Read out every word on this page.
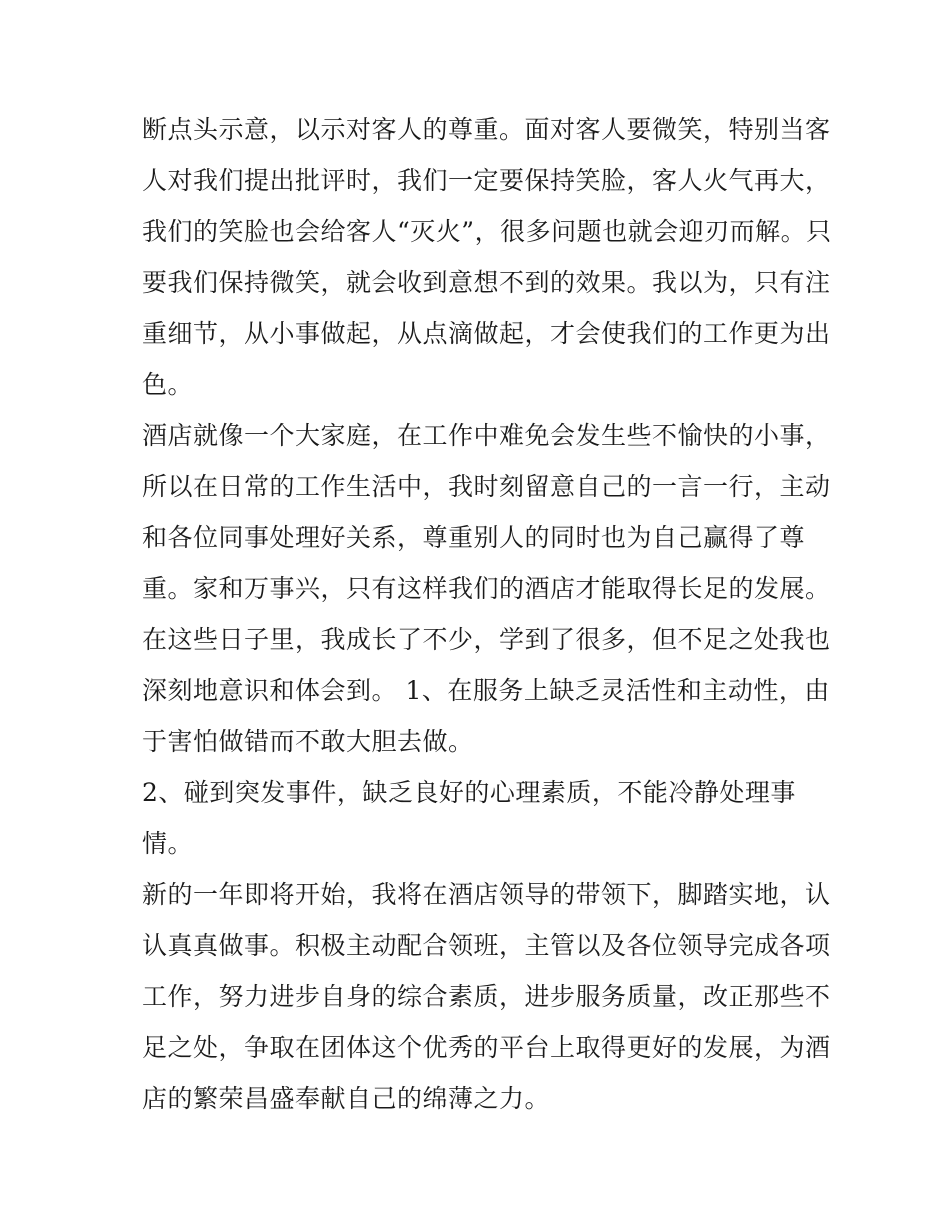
断点头示意，以示对客人的尊重。面对客人要微笑，特别当客
人对我们提出批评时，我们一定要保持笑脸，客人火气再大，
我们的笑脸也会给客人“灭火”，很多问题也就会迎刃而解。只
要我们保持微笑，就会收到意想不到的效果。我以为，只有注
重细节，从小事做起，从点滴做起，才会使我们的工作更为出
色。
酒店就像一个大家庭，在工作中难免会发生些不愉快的小事，
所以在日常的工作生活中，我时刻留意自己的一言一行，主动
和各位同事处理好关系，尊重别人的同时也为自己赢得了尊
重。家和万事兴，只有这样我们的酒店才能取得长足的发展。
在这些日子里，我成长了不少，学到了很多，但不足之处我也
深刻地意识和体会到。 1、在服务上缺乏灵活性和主动性，由
于害怕做错而不敢大胆去做。
2、碰到突发事件，缺乏良好的心理素质，不能冷静处理事
情。
新的一年即将开始，我将在酒店领导的带领下，脚踏实地，认
认真真做事。积极主动配合领班，主管以及各位领导完成各项
工作，努力进步自身的综合素质，进步服务质量，改正那些不
足之处，争取在团体这个优秀的平台上取得更好的发展，为酒
店的繁荣昌盛奉献自己的绵薄之力。
